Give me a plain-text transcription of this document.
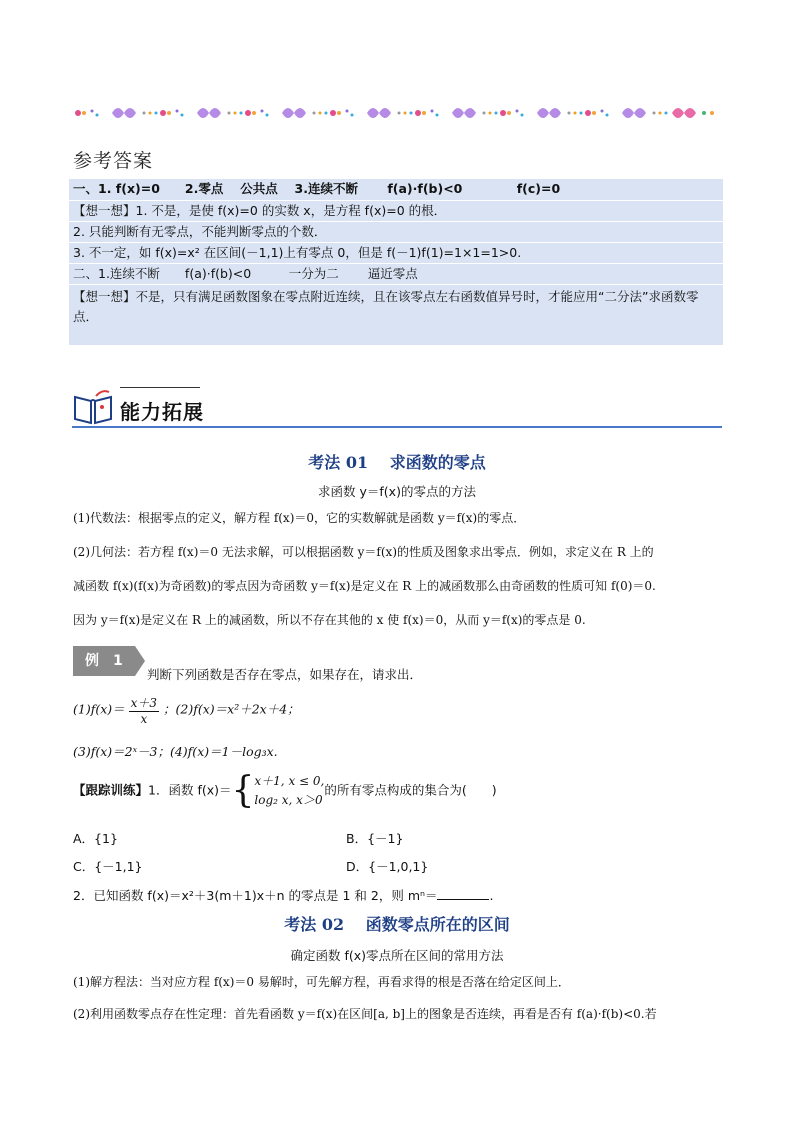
参考答案
一、1. f(x)=0　　2.零点　 公共点　 3.连续不断　　 f(a)·f(b)<0　　　　 f(c)=0
【想一想】1. 不是，是使 f(x)=0 的实数 x，是方程 f(x)=0 的根．
2. 只能判断有无零点，不能判断零点的个数．
3. 不一定，如 f(x)=x² 在区间(－1,1)上有零点 0，但是 f(－1)f(1)=1×1=1>0.
二、1.连续不断　　f(a)·f(b)<0　　　一分为二　　 逼近零点
【想一想】不是，只有满足函数图象在零点附近连续，且在该零点左右函数值异号时，才能应用“二分法”求函数零点．
能力拓展
考法 01　 求函数的零点
求函数 y＝f(x)的零点的方法
(1)代数法：根据零点的定义，解方程 f(x)＝0，它的实数解就是函数 y＝f(x)的零点．
(2)几何法：若方程 f(x)＝0 无法求解，可以根据函数 y＝f(x)的性质及图象求出零点．例如，求定义在 R 上的
减函数 f(x)(f(x)为奇函数)的零点因为奇函数 y＝f(x)是定义在 R 上的减函数那么由奇函数的性质可知 f(0)＝0.
因为 y＝f(x)是定义在 R 上的减函数，所以不存在其他的 x 使 f(x)＝0，从而 y＝f(x)的零点是 0.
例　1
判断下列函数是否存在零点，如果存在，请求出．
$(1)f(x)= \frac{x+3}{x}$ ；(2)f(x)＝x²＋2x＋4；
(3)f(x)＝2ˣ－3；(4)f(x)＝1－log₃x.
【跟踪训练】1．函数 f(x)＝{ x＋1, x ≤ 0,
log₂ x, x＞0
的所有零点构成的集合为(　　)
A．{1}	B．{－1}
C．{－1,1}	D．{－1,0,1}
2．已知函数 f(x)＝x²＋3(m＋1)x＋n 的零点是 1 和 2，则 mⁿ＝	.
考法 02　 函数零点所在的区间
确定函数 f(x)零点所在区间的常用方法
(1)解方程法：当对应方程 f(x)＝0 易解时，可先解方程，再看求得的根是否落在给定区间上．
(2)利用函数零点存在性定理：首先看函数 y＝f(x)在区间[a, b]上的图象是否连续，再看是否有 f(a)·f(b)<0.若
